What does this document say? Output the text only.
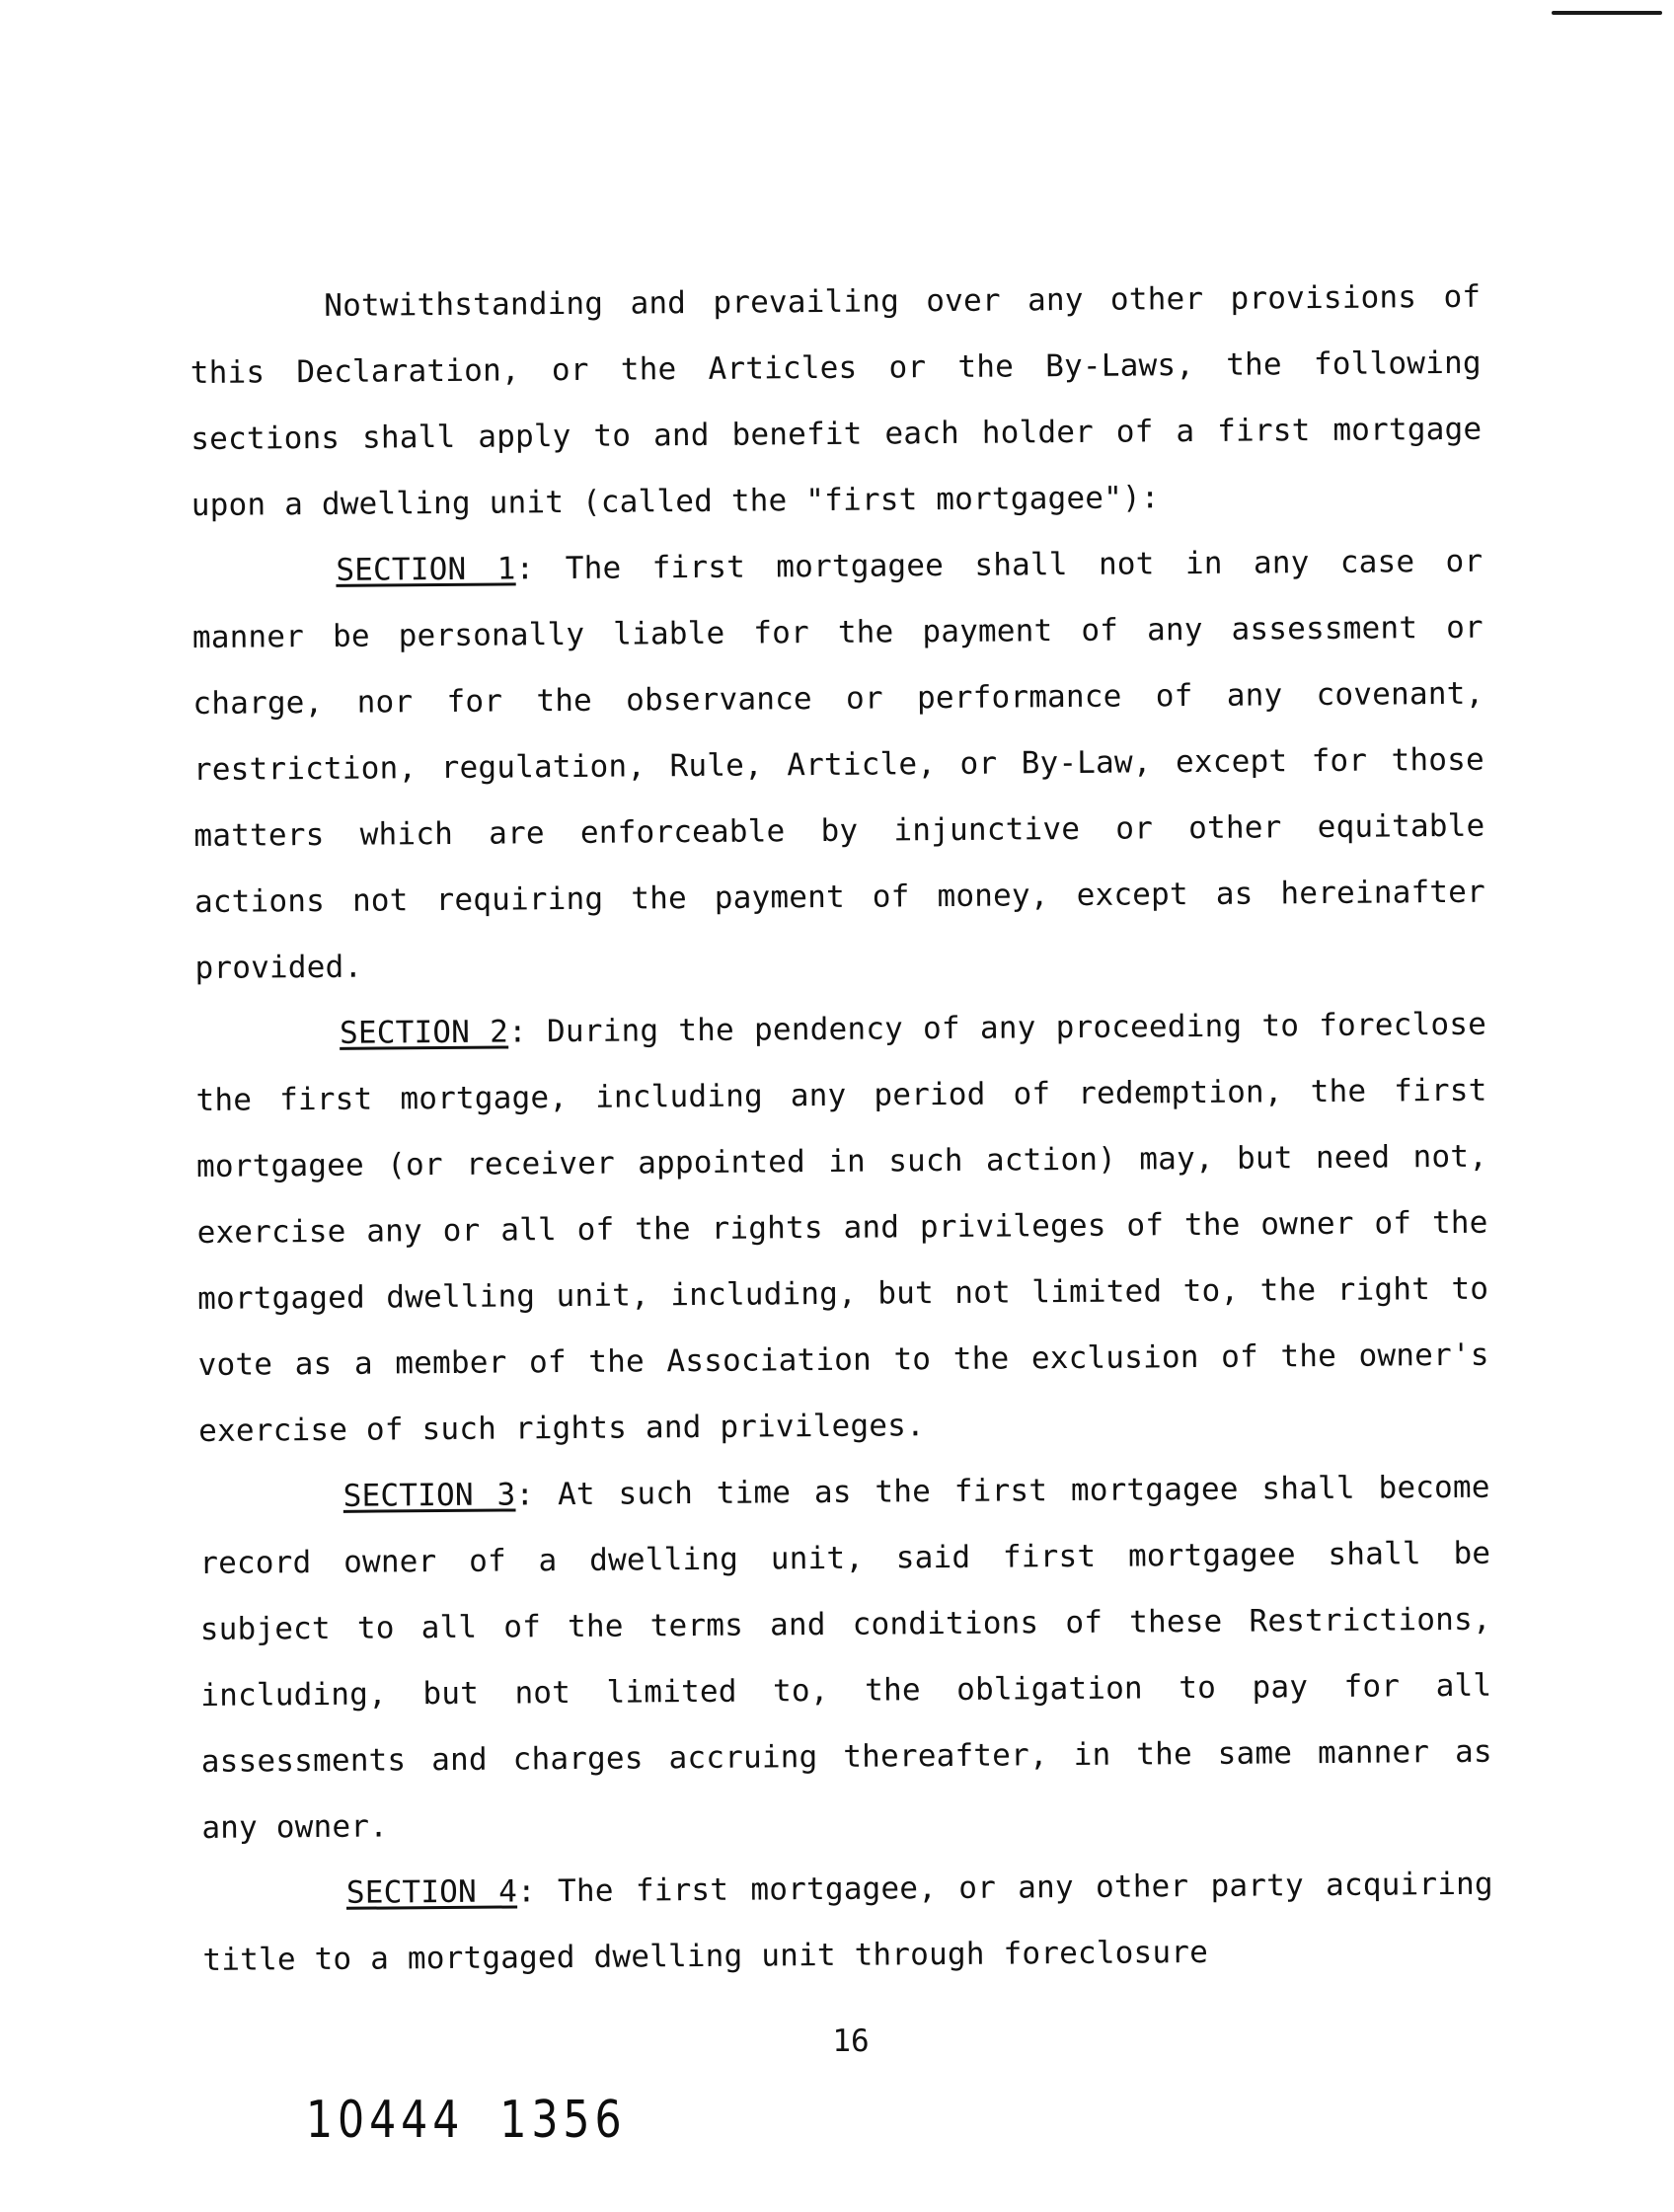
Notwithstanding and prevailing over any other provisions of this Declaration, or the Articles or the By-Laws, the following sections shall apply to and benefit each holder of a first mortgage upon a dwelling unit (called the "first mortgagee"):

SECTION 1: The first mortgagee shall not in any case or manner be personally liable for the payment of any assessment or charge, nor for the observance or performance of any covenant, restriction, regulation, Rule, Article, or By-Law, except for those matters which are enforceable by injunctive or other equitable actions not requiring the payment of money, except as hereinafter provided.

SECTION 2: During the pendency of any proceeding to foreclose the first mortgage, including any period of redemption, the first mortgagee (or receiver appointed in such action) may, but need not, exercise any or all of the rights and privileges of the owner of the mortgaged dwelling unit, including, but not limited to, the right to vote as a member of the Association to the exclusion of the owner's exercise of such rights and privileges.

SECTION 3: At such time as the first mortgagee shall become record owner of a dwelling unit, said first mortgagee shall be subject to all of the terms and conditions of these Restrictions, including, but not limited to, the obligation to pay for all assessments and charges accruing thereafter, in the same manner as any owner.

SECTION 4: The first mortgagee, or any other party acquiring title to a mortgaged dwelling unit through foreclosure

16
10444 1356
